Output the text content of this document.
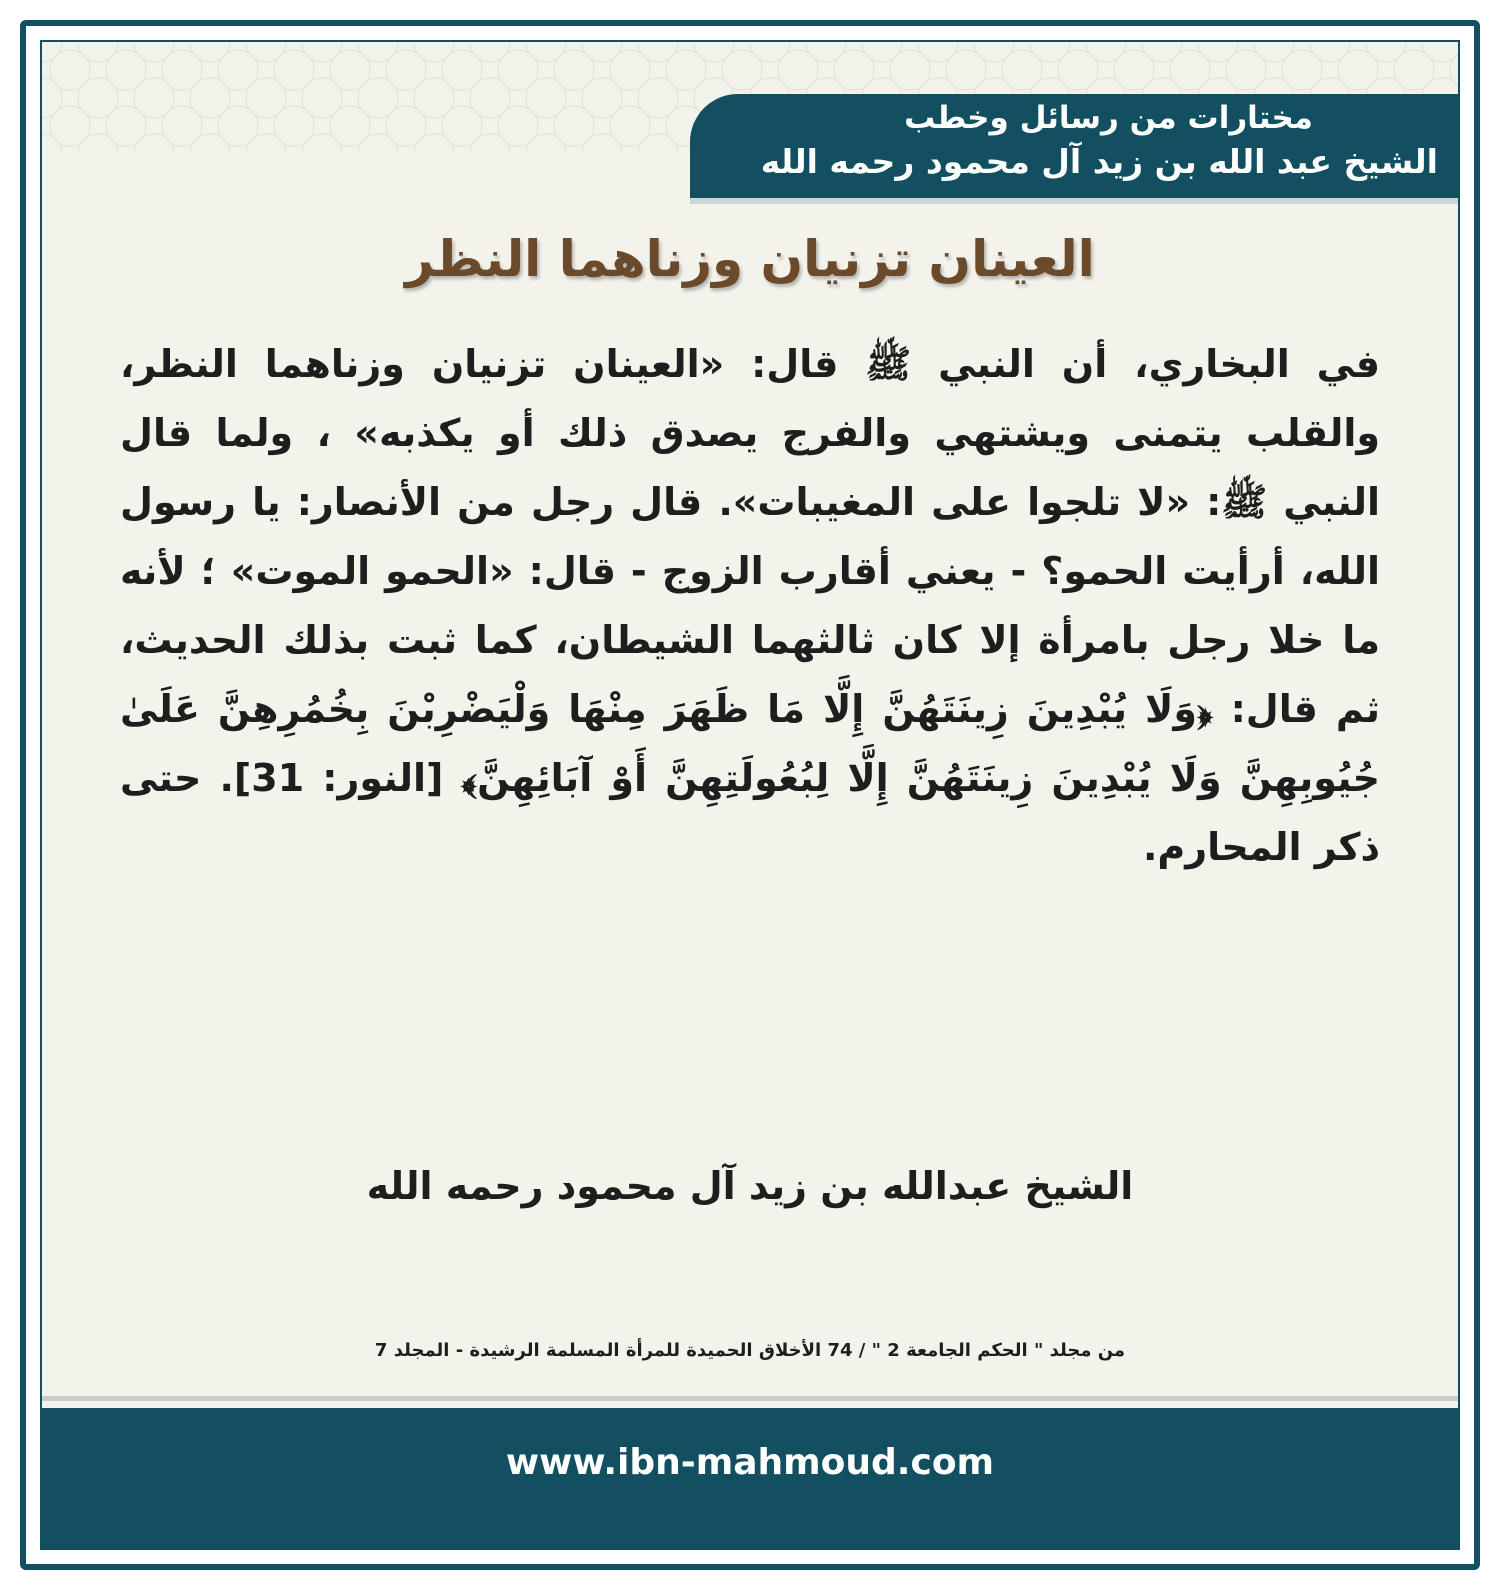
مختارات من رسائل وخطب
الشيخ عبد الله بن زيد آل محمود رحمه الله
العينان تزنيان وزناهما النظر
في البخاري، أن النبي ﷺ قال: «العينان تزنيان وزناهما النظر، والقلب يتمنى ويشتهي والفرج يصدق ذلك أو يكذبه» ، ولما قال النبي ﷺ: «لا تلجوا على المغيبات». قال رجل من الأنصار: يا رسول الله، أرأيت الحمو؟ - يعني أقارب الزوج - قال: «الحمو الموت» ؛ لأنه ما خلا رجل بامرأة إلا كان ثالثهما الشيطان، كما ثبت بذلك الحديث، ثم قال: ﴿وَلَا يُبْدِينَ زِينَتَهُنَّ إِلَّا مَا ظَهَرَ مِنْهَا وَلْيَضْرِبْنَ بِخُمُرِهِنَّ عَلَىٰ جُيُوبِهِنَّ وَلَا يُبْدِينَ زِينَتَهُنَّ إِلَّا لِبُعُولَتِهِنَّ أَوْ آبَائِهِنَّ﴾ [النور: 31]. حتى ذكر المحارم.
الشيخ عبدالله بن زيد آل محمود رحمه الله
من مجلد " الحكم الجامعة 2 " / 74 الأخلاق الحميدة للمرأة المسلمة الرشيدة - المجلد 7
www.ibn-mahmoud.com
